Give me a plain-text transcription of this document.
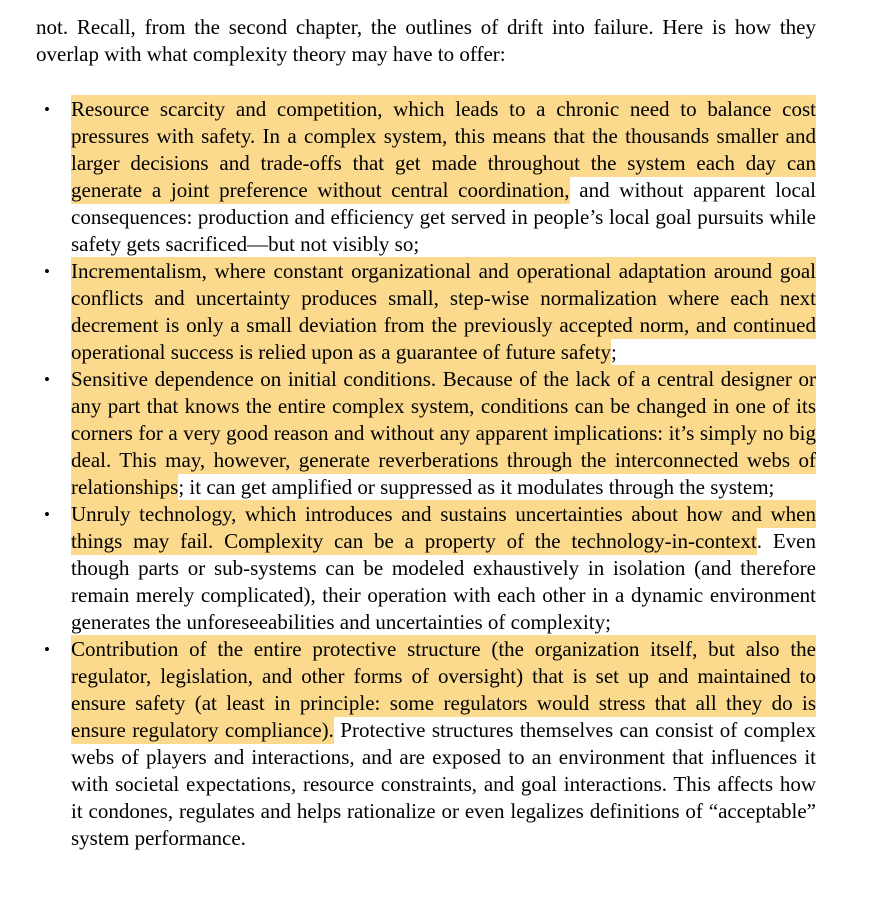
not. Recall, from the second chapter, the outlines of drift into failure. Here is how they overlap with what complexity theory may have to offer:

• Resource scarcity and competition, which leads to a chronic need to balance cost pressures with safety. In a complex system, this means that the thousands smaller and larger decisions and trade-offs that get made throughout the system each day can generate a joint preference without central coordination, and without apparent local consequences: production and efficiency get served in people’s local goal pursuits while safety gets sacrificed—but not visibly so;
• Incrementalism, where constant organizational and operational adaptation around goal conflicts and uncertainty produces small, step-wise normalization where each next decrement is only a small deviation from the previously accepted norm, and continued operational success is relied upon as a guarantee of future safety;
• Sensitive dependence on initial conditions. Because of the lack of a central designer or any part that knows the entire complex system, conditions can be changed in one of its corners for a very good reason and without any apparent implications: it’s simply no big deal. This may, however, generate reverberations through the interconnected webs of relationships; it can get amplified or suppressed as it modulates through the system;
• Unruly technology, which introduces and sustains uncertainties about how and when things may fail. Complexity can be a property of the technology-in-context. Even though parts or sub-systems can be modeled exhaustively in isolation (and therefore remain merely complicated), their operation with each other in a dynamic environment generates the unforeseeabilities and uncertainties of complexity;
• Contribution of the entire protective structure (the organization itself, but also the regulator, legislation, and other forms of oversight) that is set up and maintained to ensure safety (at least in principle: some regulators would stress that all they do is ensure regulatory compliance). Protective structures themselves can consist of complex webs of players and interactions, and are exposed to an environment that influences it with societal expectations, resource constraints, and goal interactions. This affects how it condones, regulates and helps rationalize or even legalizes definitions of “acceptable” system performance.
